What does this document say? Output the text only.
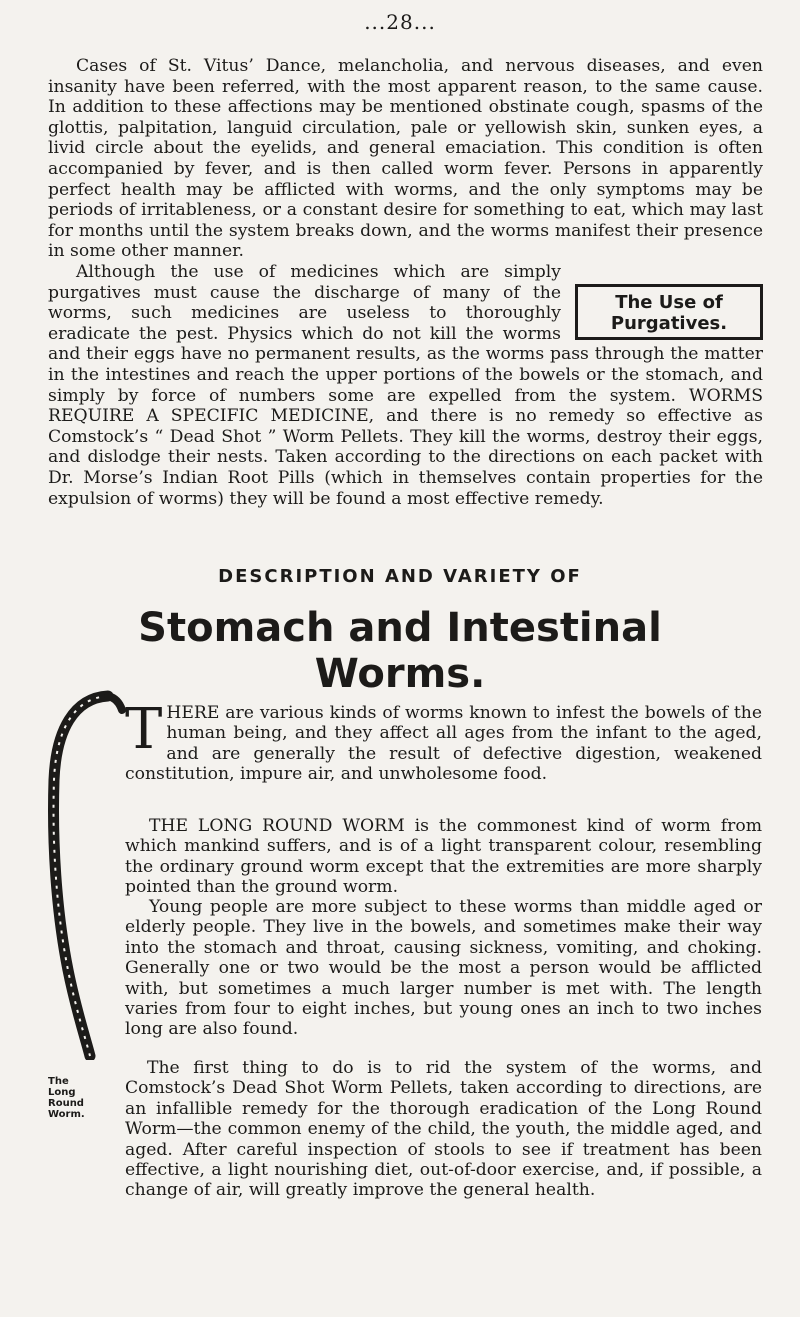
...28...

Cases of St. Vitus’ Dance, melancholia, and nervous diseases, and even insanity have been referred, with the most apparent reason, to the same cause. In addition to these affections may be mentioned obstinate cough, spasms of the glottis, palpitation, languid circulation, pale or yellowish skin, sunken eyes, a livid circle about the eyelids, and general emaciation. This condition is often accompanied by fever, and is then called worm fever. Persons in apparently perfect health may be afflicted with worms, and the only symptoms may be periods of irritableness, or a constant desire for something to eat, which may last for months until the system breaks down, and the worms manifest their presence in some other manner.

The Use of Purgatives.
Although the use of medicines which are simply purgatives must cause the discharge of many of the worms, such medicines are useless to thoroughly eradicate the pest. Physics which do not kill the worms and their eggs have no permanent results, as the worms pass through the matter in the intestines and reach the upper portions of the bowels or the stomach, and simply by force of numbers some are expelled from the system. WORMS REQUIRE A SPECIFIC MEDICINE, and there is no remedy so effective as Comstock’s “ Dead Shot ” Worm Pellets. They kill the worms, destroy their eggs, and dislodge their nests. Taken according to the directions on each packet with Dr. Morse’s Indian Root Pills (which in themselves contain properties for the expulsion of worms) they will be found a most effective remedy.

DESCRIPTION AND VARIETY OF
Stomach and Intestinal
Worms.

THERE are various kinds of worms known to infest the bowels of the human being, and they affect all ages from the infant to the aged, and are generally the result of defective digestion, weakened constitution, impure air, and unwholesome food.

THE LONG ROUND WORM is the commonest kind of worm from which mankind suffers, and is of a light transparent colour, resembling the ordinary ground worm except that the extremities are more sharply pointed than the ground worm.

Young people are more subject to these worms than middle aged or elderly people. They live in the bowels, and sometimes make their way into the stomach and throat, causing sickness, vomiting, and choking. Generally one or two would be the most a person would be afflicted with, but sometimes a much larger number is met with. The length varies from four to eight inches, but young ones an inch to two inches long are also found.

The Long Round Worm.

The first thing to do is to rid the system of the worms, and Comstock’s Dead Shot Worm Pellets, taken according to directions, are an infallible remedy for the thorough eradication of the Long Round Worm—the common enemy of the child, the youth, the middle aged, and aged. After careful inspection of stools to see if treatment has been effective, a light nourishing diet, out-of-door exercise, and, if possible, a change of air, will greatly improve the general health.
